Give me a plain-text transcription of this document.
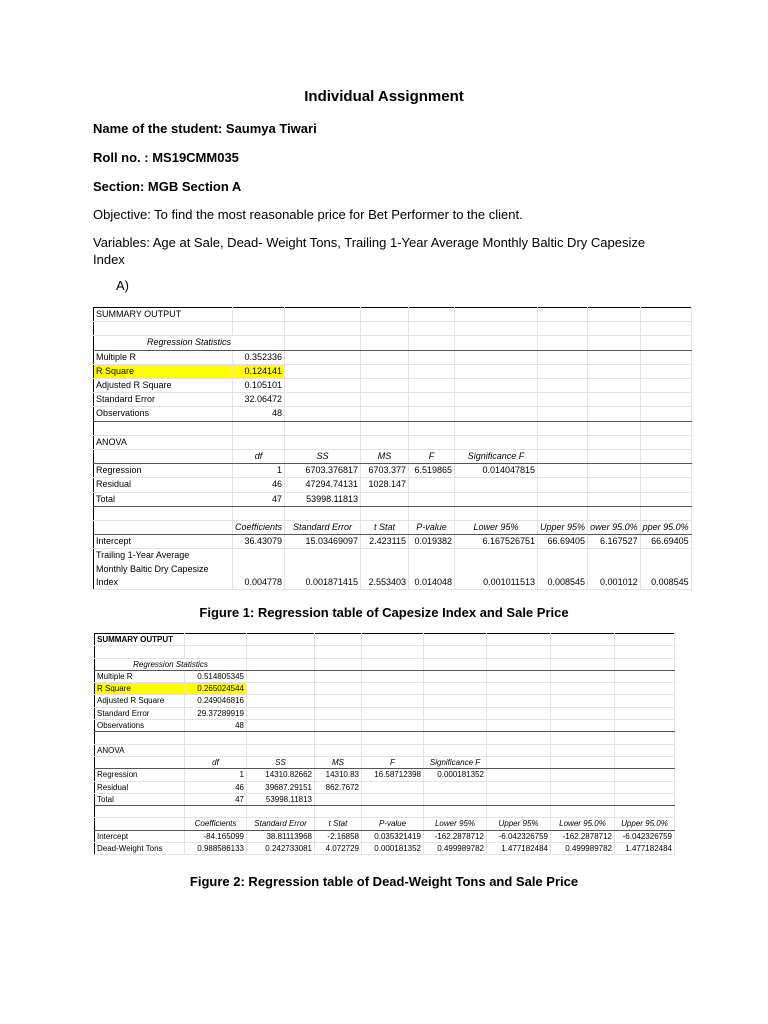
Individual Assignment
Name of the student: Saumya Tiwari
Roll no. : MS19CMM035
Section: MGB Section A
Objective: To find the most reasonable price for Bet Performer to the client.
Variables: Age at Sale, Dead- Weight Tons, Trailing 1-Year Average Monthly Baltic Dry Capesize
Index
A)
SUMMARY OUTPUT								

Regression Statistics								
Multiple R	0.352336							
R Square	0.124141							
Adjusted R Square	0.105101							
Standard Error	32.06472							
Observations	48							

ANOVA								
	df	SS	MS	F	Significance F			
Regression	1	6703.376817	6703.377	6.519865	0.014047815			
Residual	46	47294.74131	1028.147					
Total	47	53998.11813						

	Coefficients	Standard Error	t Stat	P-value	Lower 95%	Upper 95%	ower 95.0%	pper 95.0%
Intercept	36.43079	15.03469097	2.423115	0.019382	6.167526751	66.69405	6.167527	66.69405
Trailing 1-Year Average
Monthly Baltic Dry Capesize
Index	0.004778	0.001871415	2.553403	0.014048	0.001011513	0.008545	0.001012	0.008545
Figure 1: Regression table of Capesize Index and Sale Price
SUMMARY OUTPUT								

Regression Statistics								
Multiple R	0.514805345							
R Square	0.265024544							
Adjusted R Square	0.249046816							
Standard Error	29.37289919							
Observations	48							

ANOVA								
	df	SS	MS	F	Significance F			
Regression	1	14310.82662	14310.83	16.58712398	0.000181352			
Residual	46	39687.29151	862.7672					
Total	47	53998.11813						

	Coefficients	Standard Error	t Stat	P-value	Lower 95%	Upper 95%	Lower 95.0%	Upper 95.0%
Intercept	-84.165099	38.81113968	-2.16858	0.035321419	-162.2878712	-6.042326759	-162.2878712	-6.042326759
Dead-Weight Tons	0.988586133	0.242733081	4.072729	0.000181352	0.499989782	1.477182484	0.499989782	1.477182484
Figure 2: Regression table of Dead-Weight Tons and Sale Price
